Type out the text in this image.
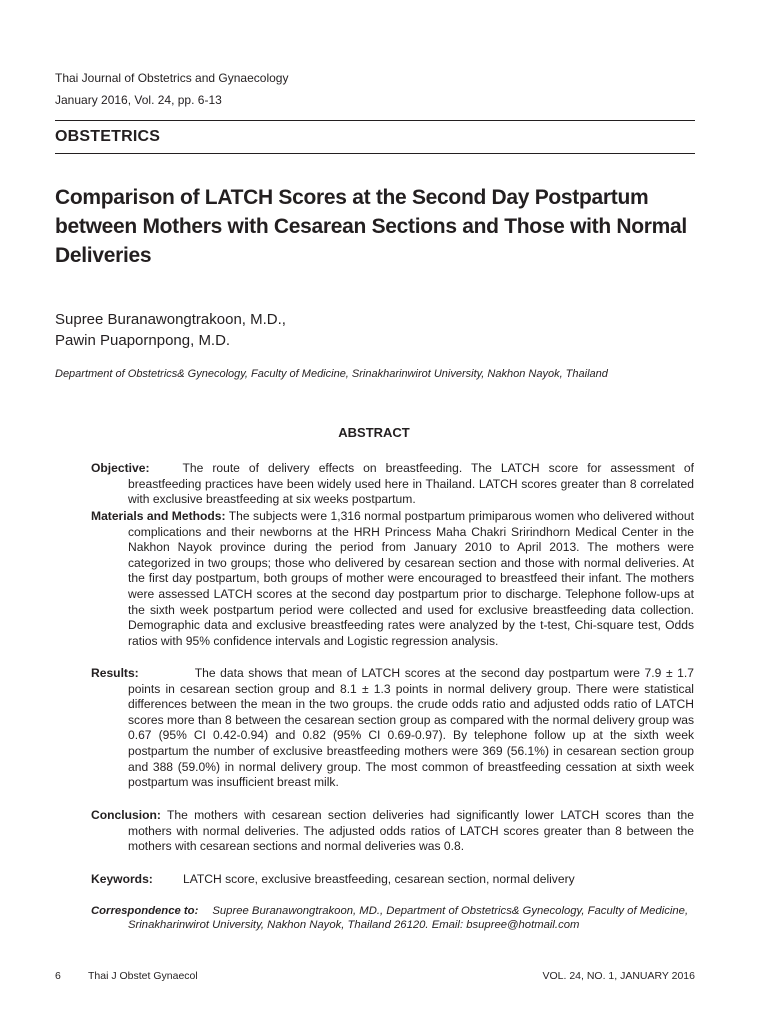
Thai Journal of Obstetrics and Gynaecology
January 2016, Vol. 24, pp. 6-13
OBSTETRICS
Comparison of LATCH Scores at the Second Day Postpartum between Mothers with Cesarean Sections and Those with Normal Deliveries
Supree Buranawongtrakoon, M.D.,
Pawin Puapornpong, M.D.
Department of Obstetrics& Gynecology, Faculty of Medicine, Srinakharinwirot University, Nakhon Nayok, Thailand
ABSTRACT

Objective:	The route of delivery effects on breastfeeding. The LATCH score for assessment of breastfeeding practices have been widely used here in Thailand. LATCH scores greater than 8 correlated with exclusive breastfeeding at six weeks postpartum.

Materials and Methods: The subjects were 1,316 normal postpartum primiparous women who delivered without complications and their newborns at the HRH Princess Maha Chakri Sririndhorn Medical Center in the Nakhon Nayok province during the period from January 2010 to April 2013. The mothers were categorized in two groups; those who delivered by cesarean section and those with normal deliveries. At the first day postpartum, both groups of mother were encouraged to breastfeed their infant. The mothers were assessed LATCH scores at the second day postpartum prior to discharge. Telephone follow-ups at the sixth week postpartum period were collected and used for exclusive breastfeeding data collection. Demographic data and exclusive breastfeeding rates were analyzed by the t-test, Chi-square test, Odds ratios with 95% confidence intervals and Logistic regression analysis.

Results:	The data shows that mean of LATCH scores at the second day postpartum were 7.9 ± 1.7 points in cesarean section group and 8.1 ± 1.3 points in normal delivery group. There were statistical differences between the mean in the two groups. the crude odds ratio and adjusted odds ratio of LATCH scores more than 8 between the cesarean section group as compared with the normal delivery group was 0.67 (95% CI 0.42-0.94) and 0.82 (95% CI 0.69-0.97). By telephone follow up at the sixth week postpartum the number of exclusive breastfeeding mothers were 369 (56.1%) in cesarean section group and 388 (59.0%) in normal delivery group. The most common of breastfeeding cessation at sixth week postpartum was insufficient breast milk.

Conclusion: The mothers with cesarean section deliveries had significantly lower LATCH scores than the mothers with normal deliveries. The adjusted odds ratios of LATCH scores greater than 8 between the mothers with cesarean sections and normal deliveries was 0.8.

Keywords: LATCH score, exclusive breastfeeding, cesarean section, normal delivery

Correspondence to: Supree Buranawongtrakoon, MD., Department of Obstetrics& Gynecology, Faculty of Medicine, Srinakharinwirot University, Nakhon Nayok, Thailand 26120. Email: bsupree@hotmail.com

6	Thai J Obstet Gynaecol	VOL. 24, NO. 1, JANUARY 2016
